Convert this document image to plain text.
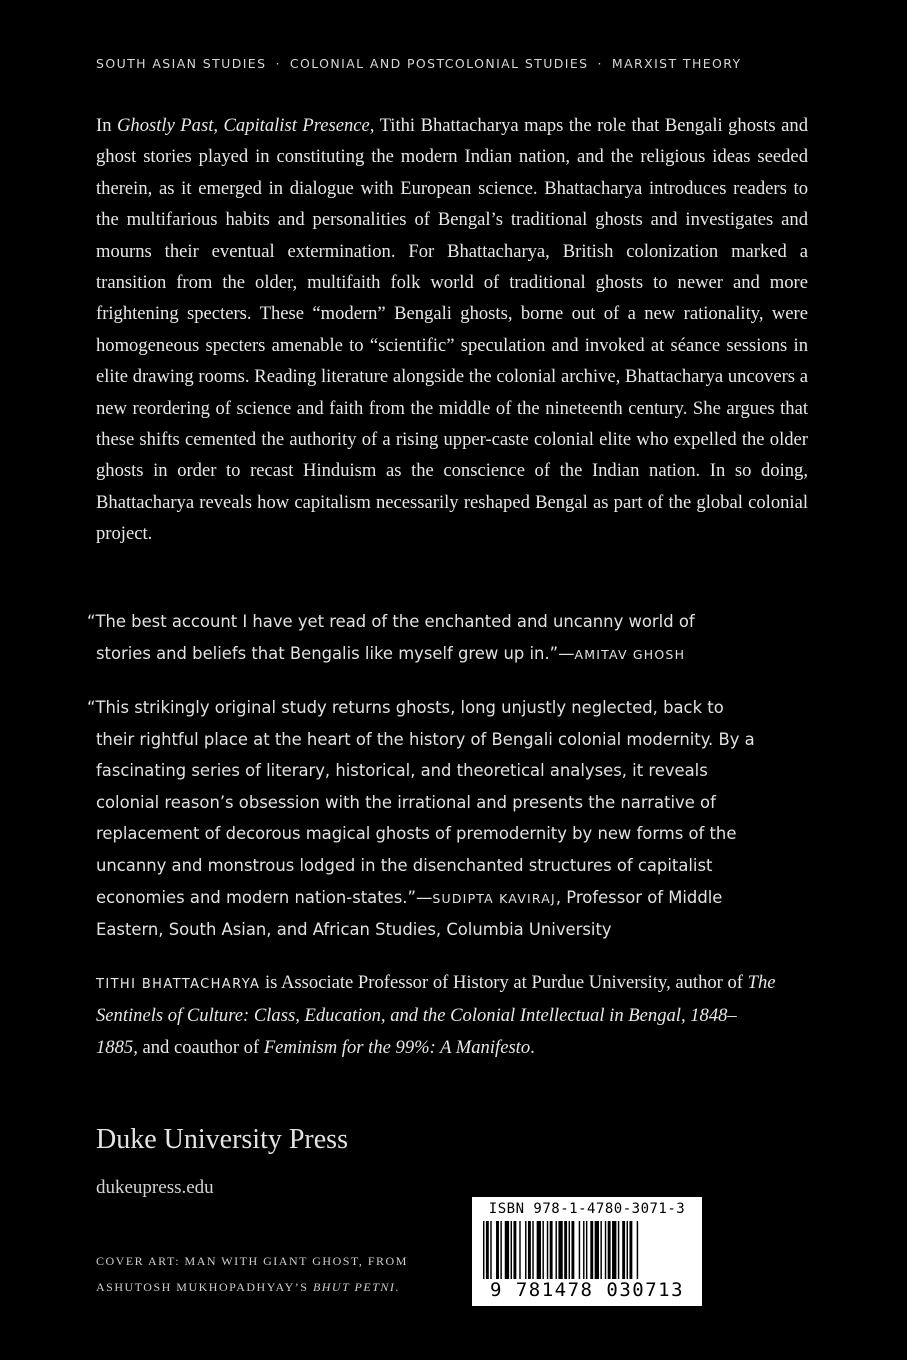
SOUTH ASIAN STUDIES · COLONIAL AND POSTCOLONIAL STUDIES · MARXIST THEORY

In Ghostly Past, Capitalist Presence, Tithi Bhattacharya maps the role that Bengali ghosts and ghost stories played in constituting the modern Indian nation, and the religious ideas seeded therein, as it emerged in dialogue with European science. Bhattacharya introduces readers to the multifarious habits and personalities of Bengal’s traditional ghosts and investigates and mourns their eventual extermination. For Bhattacharya, British colonization marked a transition from the older, multifaith folk world of traditional ghosts to newer and more frightening specters. These “modern” Bengali ghosts, borne out of a new rationality, were homogeneous specters amenable to “scientific” speculation and invoked at séance sessions in elite drawing rooms. Reading literature alongside the colonial archive, Bhattacharya uncovers a new reordering of science and faith from the middle of the nineteenth century. She argues that these shifts cemented the authority of a rising upper-caste colonial elite who expelled the older ghosts in order to recast Hinduism as the conscience of the Indian nation. In so doing, Bhattacharya reveals how capitalism necessarily reshaped Bengal as part of the global colonial project.

“The best account I have yet read of the enchanted and uncanny world of
stories and beliefs that Bengalis like myself grew up in.”—AMITAV GHOSH

“This strikingly original study returns ghosts, long unjustly neglected, back to
their rightful place at the heart of the history of Bengali colonial modernity. By a fascinating series of literary, historical, and theoretical analyses, it reveals colonial reason’s obsession with the irrational and presents the narrative of replacement of decorous magical ghosts of premodernity by new forms of the uncanny and monstrous lodged in the disenchanted structures of capitalist economies and modern nation-states.”—SUDIPTA KAVIRAJ, Professor of Middle Eastern, South Asian, and African Studies, Columbia University

TITHI BHATTACHARYA is Associate Professor of History at Purdue University, author of The Sentinels of Culture: Class, Education, and the Colonial Intellectual in Bengal, 1848–1885, and coauthor of Feminism for the 99%: A Manifesto.

Duke University Press
dukeupress.edu
COVER ART: MAN WITH GIANT GHOST, FROM ASHUTOSH MUKHOPADHYAY’S BHUT PETNI.
ISBN 978-1-4780-3071-3
9 781478 030713
